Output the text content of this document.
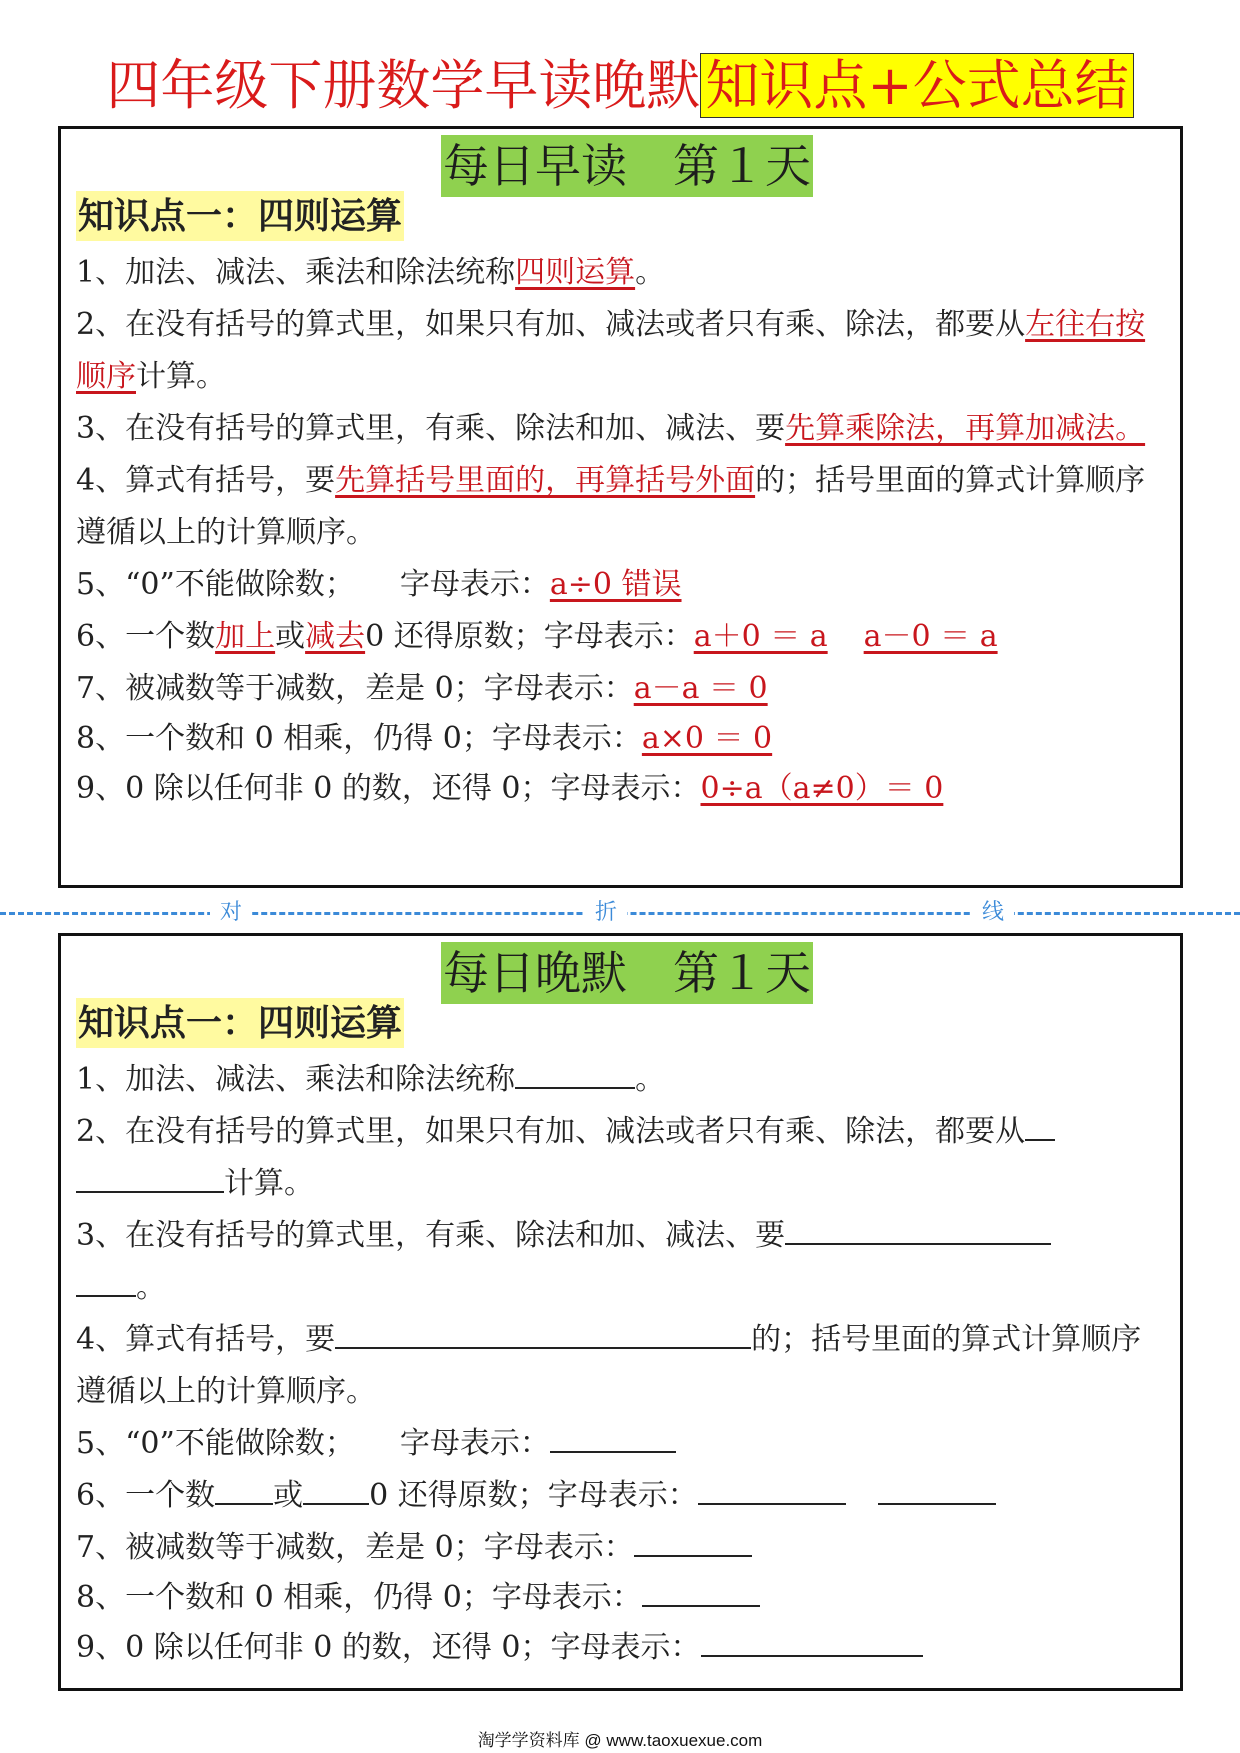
四年级下册数学早读晚默知识点+公式总结
每日早读　第１天
知识点一：四则运算
1、加法、减法、乘法和除法统称四则运算。
2、在没有括号的算式里，如果只有加、减法或者只有乘、除法，都要从左往右按顺序计算。
3、在没有括号的算式里，有乘、除法和加、减法、要先算乘除法，再算加减法。
4、算式有括号，要先算括号里面的，再算括号外面的；括号里面的算式计算顺序遵循以上的计算顺序。
5、“0”不能做除数；　　字母表示：a÷0 错误
6、一个数加上或减去0 还得原数；字母表示：a＋0 ＝ a a－0 ＝ a
7、被减数等于减数，差是 0；字母表示：a－a ＝ 0
8、一个数和 0 相乘，仍得 0；字母表示：a×0 ＝ 0
9、0 除以任何非 0 的数，还得 0；字母表示：0÷a（a≠0）＝ 0
对	折	线
每日晚默　第１天
知识点一：四则运算
1、加法、减法、乘法和除法统称	。
2、在没有括号的算式里，如果只有加、减法或者只有乘、除法，都要从
计算。
3、在没有括号的算式里，有乘、除法和加、减法、要
。
4、算式有括号，要	的；括号里面的算式计算顺序遵循以上的计算顺序。
5、“0”不能做除数；　　字母表示：
6、一个数 或 0 还得原数；字母表示：
7、被减数等于减数，差是 0；字母表示：
8、一个数和 0 相乘，仍得 0；字母表示：
9、0 除以任何非 0 的数，还得 0；字母表示：
淘学学资料库 @ www.taoxuexue.com
